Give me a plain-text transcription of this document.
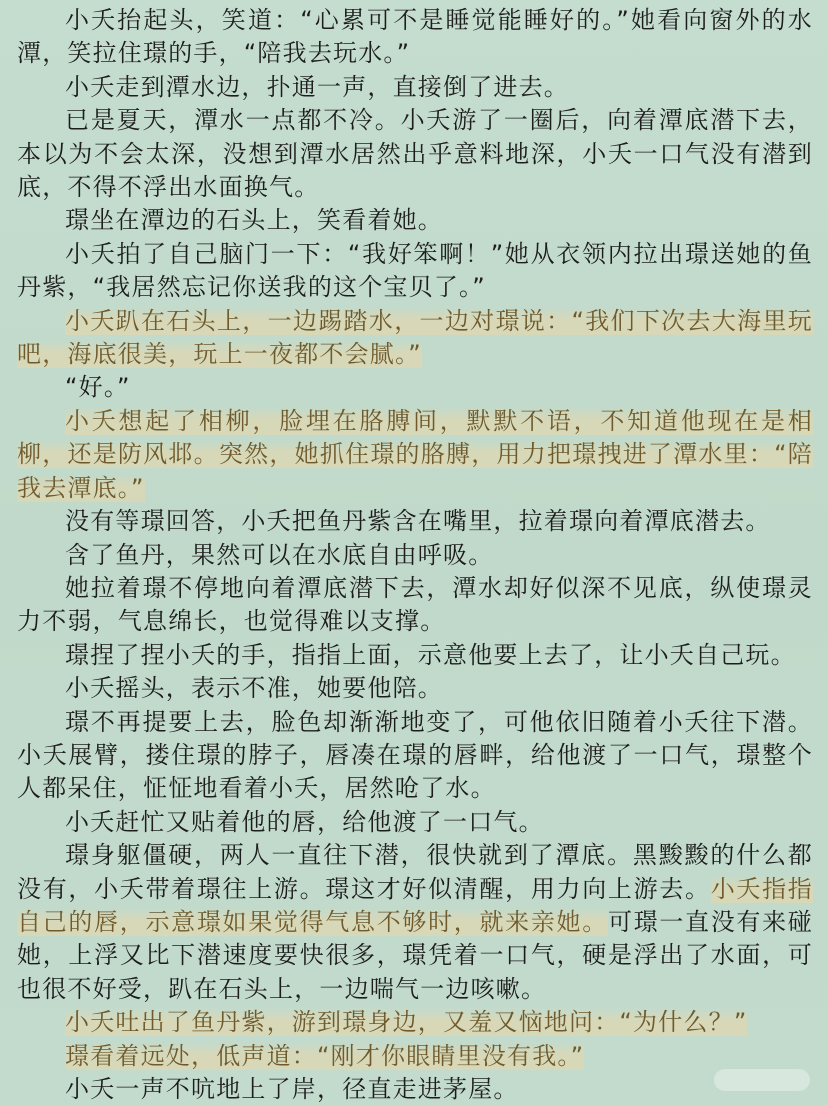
小夭抬起头，笑道：“心累可不是睡觉能睡好的。”她看向窗外的水潭，笑拉住璟的手，“陪我去玩水。”

小夭走到潭水边，扑通一声，直接倒了进去。

已是夏天，潭水一点都不冷。小夭游了一圈后，向着潭底潜下去，本以为不会太深，没想到潭水居然出乎意料地深，小夭一口气没有潜到底，不得不浮出水面换气。

璟坐在潭边的石头上，笑看着她。

小夭拍了自己脑门一下：“我好笨啊！”她从衣领内拉出璟送她的鱼丹紫，“我居然忘记你送我的这个宝贝了。”

小夭趴在石头上，一边踢踏水，一边对璟说：“我们下次去大海里玩吧，海底很美，玩上一夜都不会腻。”

“好。”

小夭想起了相柳，脸埋在胳膊间，默默不语，不知道他现在是相柳，还是防风邶。突然，她抓住璟的胳膊，用力把璟拽进了潭水里：“陪我去潭底。”

没有等璟回答，小夭把鱼丹紫含在嘴里，拉着璟向着潭底潜去。

含了鱼丹，果然可以在水底自由呼吸。

她拉着璟不停地向着潭底潜下去，潭水却好似深不见底，纵使璟灵力不弱，气息绵长，也觉得难以支撑。

璟捏了捏小夭的手，指指上面，示意他要上去了，让小夭自己玩。

小夭摇头，表示不准，她要他陪。

璟不再提要上去，脸色却渐渐地变了，可他依旧随着小夭往下潜。小夭展臂，搂住璟的脖子，唇凑在璟的唇畔，给他渡了一口气，璟整个人都呆住，怔怔地看着小夭，居然呛了水。

小夭赶忙又贴着他的唇，给他渡了一口气。

璟身躯僵硬，两人一直往下潜，很快就到了潭底。黑黢黢的什么都没有，小夭带着璟往上游。璟这才好似清醒，用力向上游去。小夭指指自己的唇，示意璟如果觉得气息不够时，就来亲她。可璟一直没有来碰她，上浮又比下潜速度要快很多，璟凭着一口气，硬是浮出了水面，可也很不好受，趴在石头上，一边喘气一边咳嗽。

小夭吐出了鱼丹紫，游到璟身边，又羞又恼地问：“为什么？”

璟看着远处，低声道：“刚才你眼睛里没有我。”

小夭一声不吭地上了岸，径直走进茅屋。
